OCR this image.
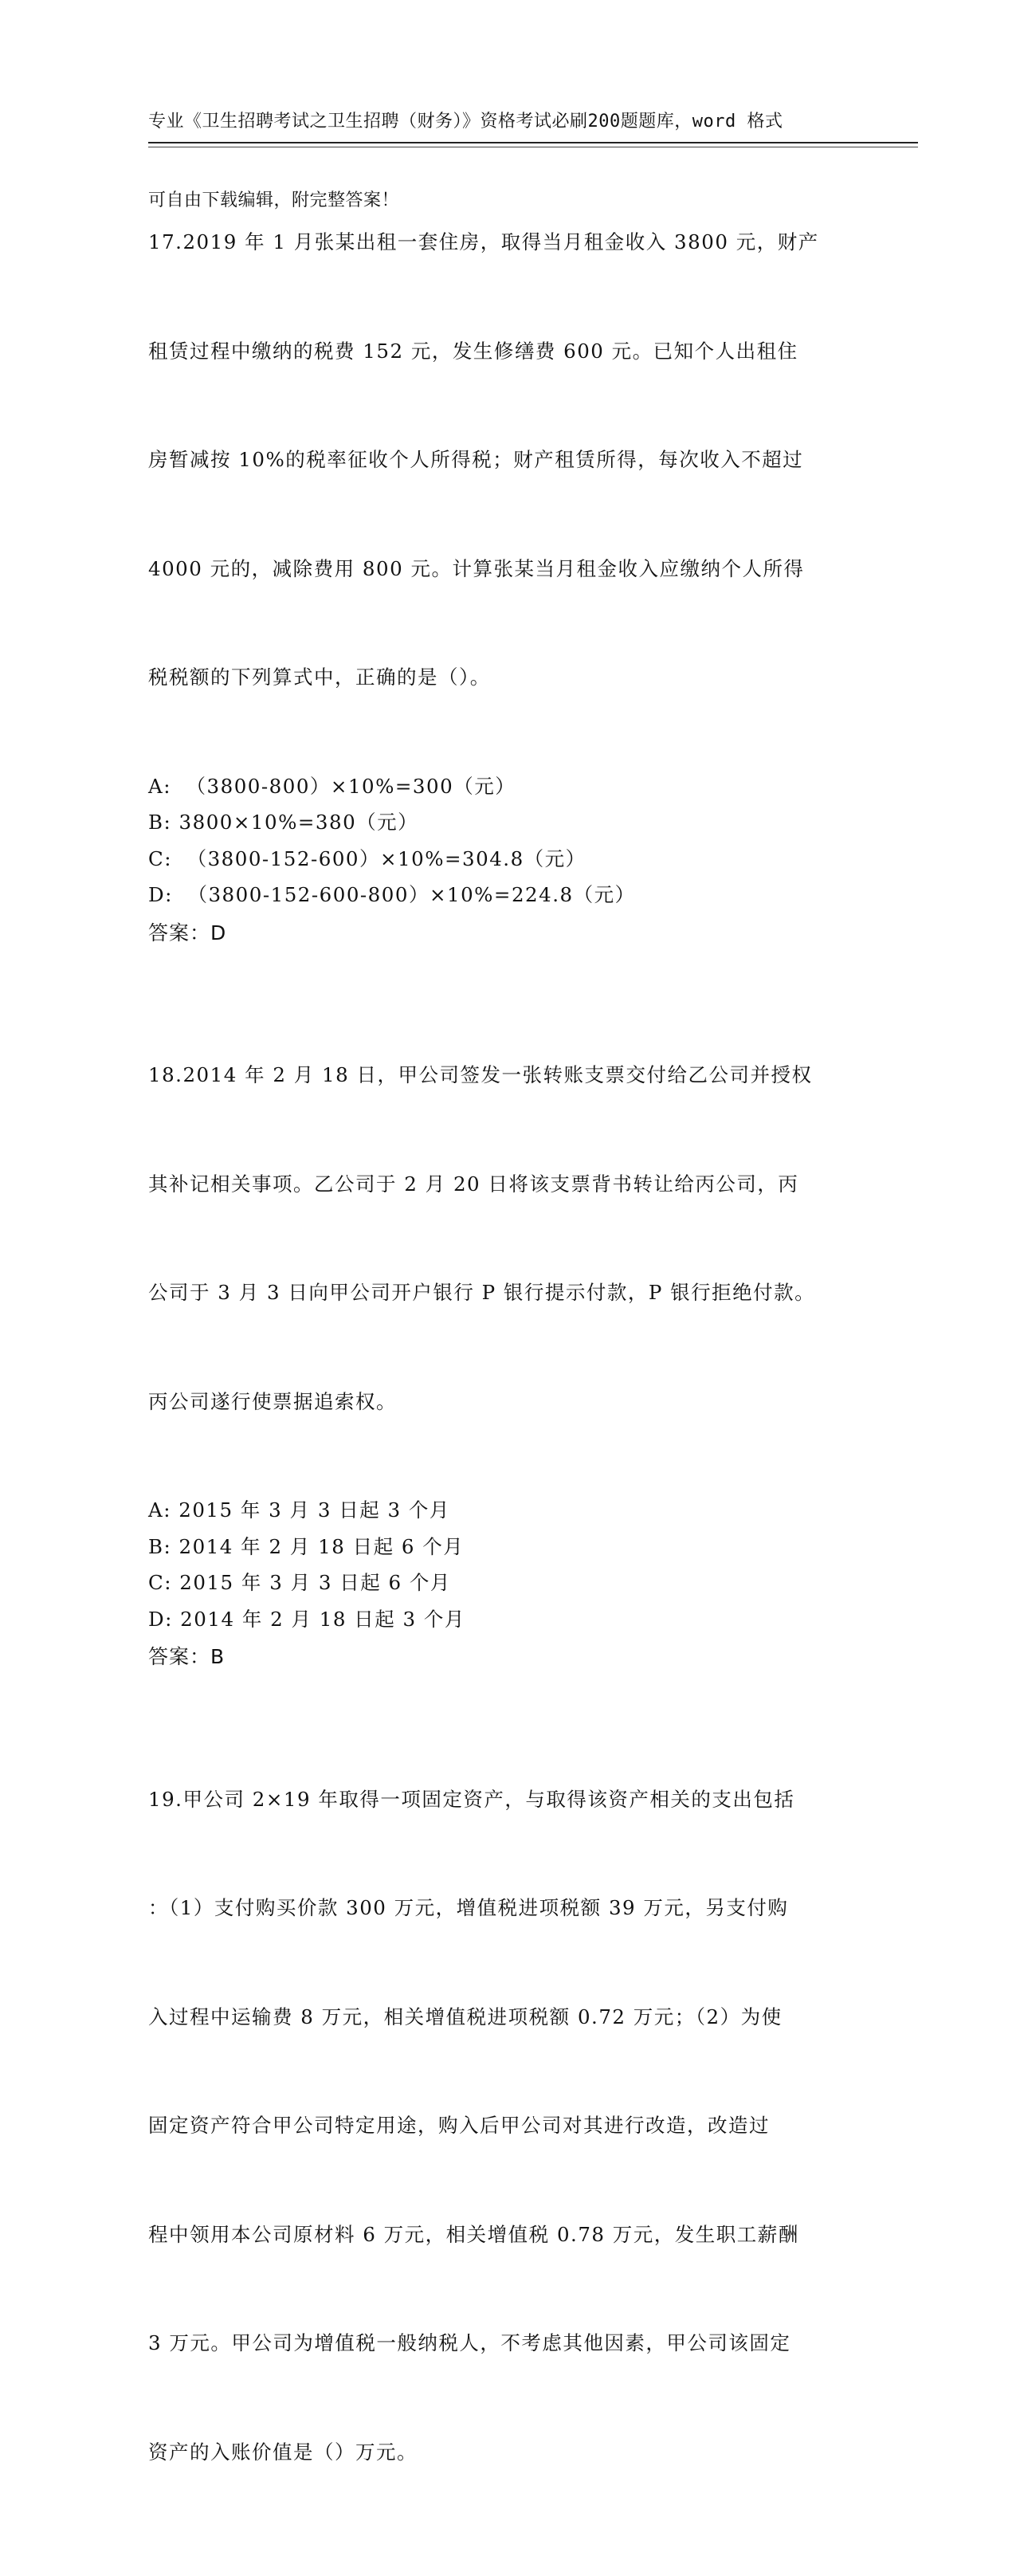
专业《卫生招聘考试之卫生招聘（财务）》资格考试必刷200题题库，word 格式

可自由下载编辑，附完整答案！

17.2019 年 1 月张某出租一套住房，取得当月租金收入 3800 元，财产

租赁过程中缴纳的税费 152 元，发生修缮费 600 元。已知个人出租住

房暂减按 10%的税率征收个人所得税；财产租赁所得，每次收入不超过

4000 元的，减除费用 800 元。计算张某当月租金收入应缴纳个人所得

税税额的下列算式中，正确的是（）。

A:  （3800-800）×10%=300（元）
B: 3800×10%=380（元）
C:  （3800-152-600）×10%=304.8（元）
D:  （3800-152-600-800）×10%=224.8（元）
答案：D

18.2014 年 2 月 18 日，甲公司签发一张转账支票交付给乙公司并授权

其补记相关事项。乙公司于 2 月 20 日将该支票背书转让给丙公司，丙

公司于 3 月 3 日向甲公司开户银行 P 银行提示付款，P 银行拒绝付款。

丙公司遂行使票据追索权。

A: 2015 年 3 月 3 日起 3 个月
B: 2014 年 2 月 18 日起 6 个月
C: 2015 年 3 月 3 日起 6 个月
D: 2014 年 2 月 18 日起 3 个月
答案：B

19.甲公司 2×19 年取得一项固定资产，与取得该资产相关的支出包括

：（1）支付购买价款 300 万元，增值税进项税额 39 万元，另支付购

入过程中运输费 8 万元，相关增值税进项税额 0.72 万元；（2）为使

固定资产符合甲公司特定用途，购入后甲公司对其进行改造，改造过

程中领用本公司原材料 6 万元，相关增值税 0.78 万元，发生职工薪酬

3 万元。甲公司为增值税一般纳税人，不考虑其他因素，甲公司该固定

资产的入账价值是（）万元。
